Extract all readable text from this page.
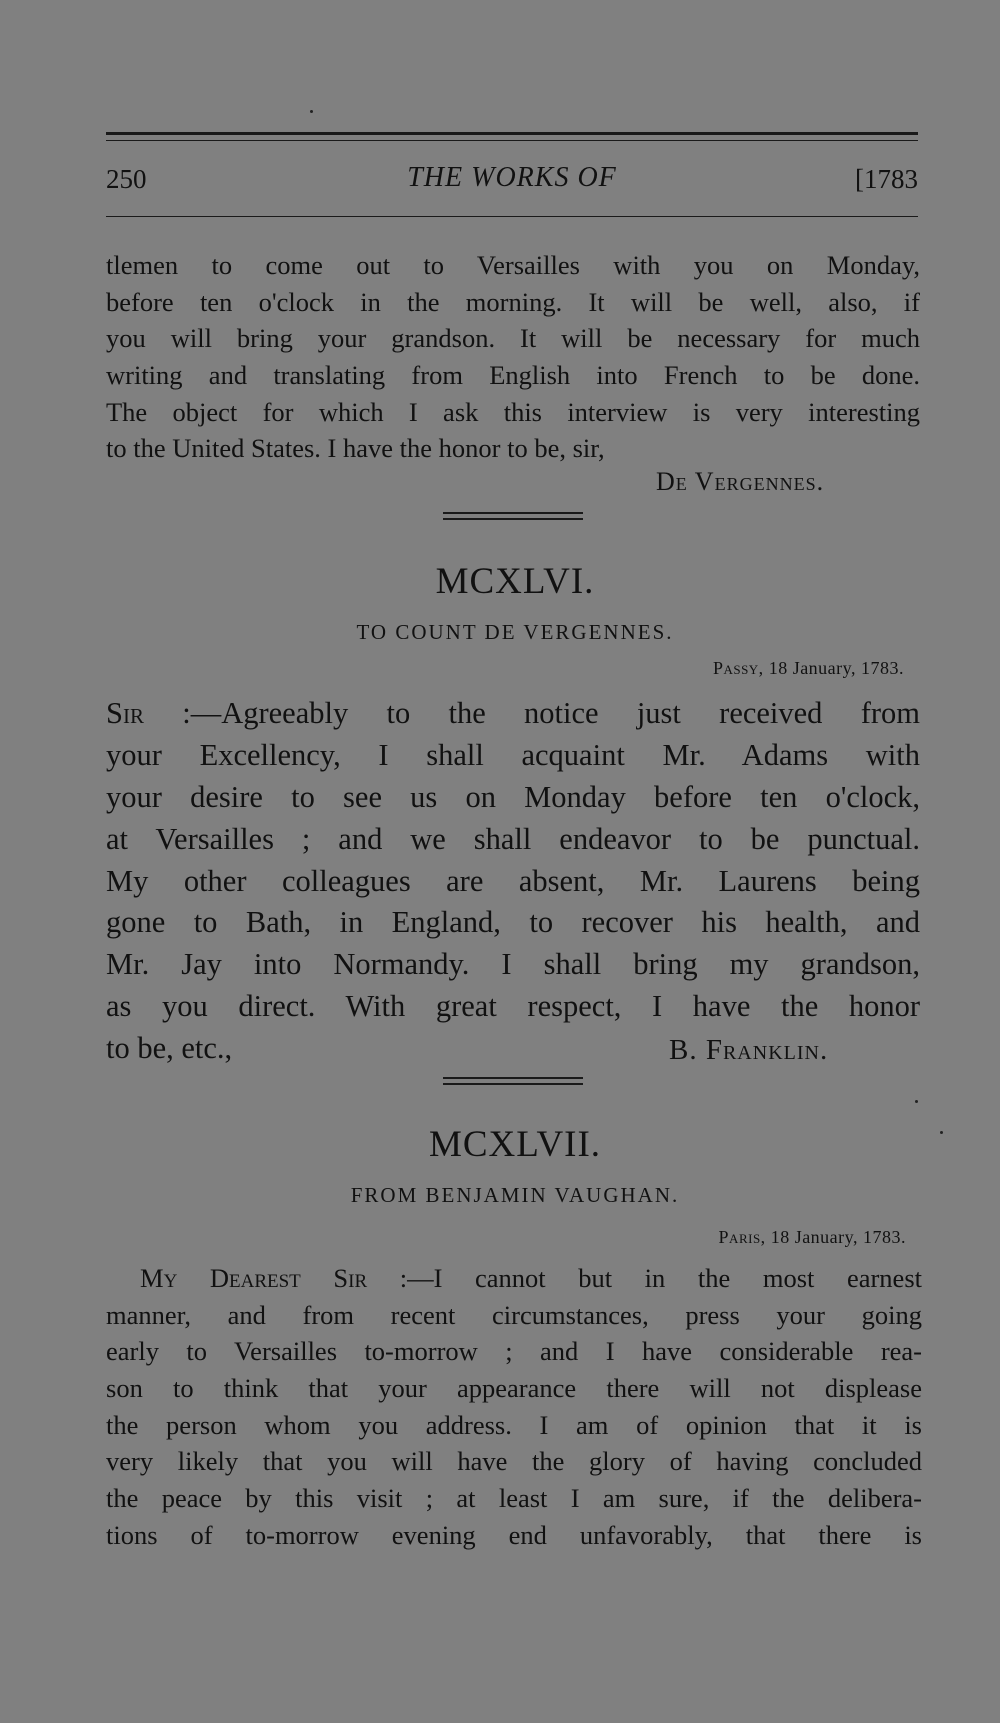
250	THE WORKS OF	[1783
tlemen to come out to Versailles with you on Monday,
before ten o'clock in the morning. It will be well, also, if
you will bring your grandson. It will be necessary for much
writing and translating from English into French to be done.
The object for which I ask this interview is very interesting
to the United States. I have the honor to be, sir,
De Vergennes.
MCXLVI.
TO COUNT DE VERGENNES.
Passy, 18 January, 1783.
Sir :—Agreeably to the notice just received from
your Excellency, I shall acquaint Mr. Adams with
your desire to see us on Monday before ten o'clock,
at Versailles ; and we shall endeavor to be punctual.
My other colleagues are absent, Mr. Laurens being
gone to Bath, in England, to recover his health, and
Mr. Jay into Normandy. I shall bring my grandson,
as you direct. With great respect, I have the honor
to be, etc.,	B. Franklin.
MCXLVII.
FROM BENJAMIN VAUGHAN.
Paris, 18 January, 1783.
My Dearest Sir :—I cannot but in the most earnest
manner, and from recent circumstances, press your going
early to Versailles to-morrow ; and I have considerable rea-
son to think that your appearance there will not displease
the person whom you address. I am of opinion that it is
very likely that you will have the glory of having concluded
the peace by this visit ; at least I am sure, if the delibera-
tions of to-morrow evening end unfavorably, that there is
